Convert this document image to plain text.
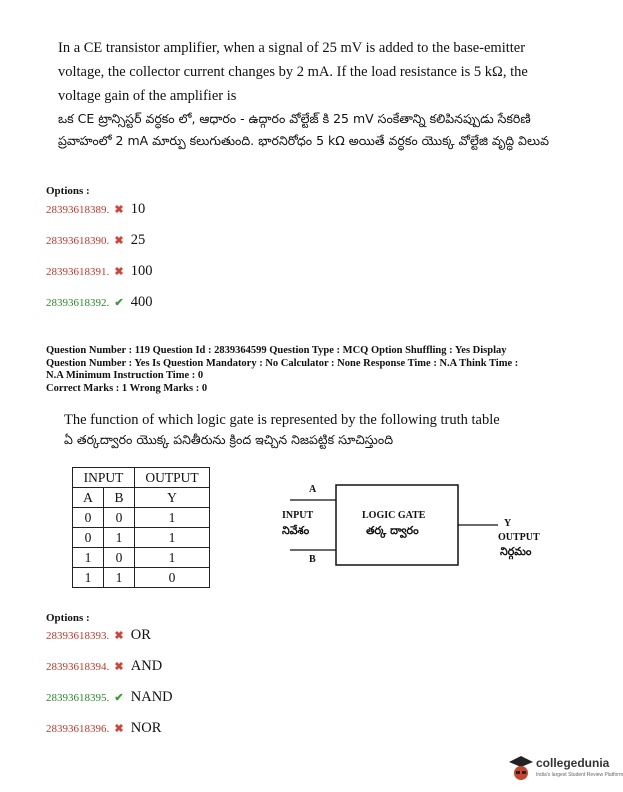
In a CE transistor amplifier, when a signal of 25 mV is added to the base-emitter voltage, the collector current changes by 2 mA. If the load resistance is 5 kΩ, the voltage gain of the amplifier is
ఒక CE ట్రాన్సిస్టర్ వర్ధకం లో, ఆధారం - ఉద్గారం వోల్టేజ్ కి 25 mV సంకేతాన్ని కలిపినప్పుడు సేకరిణి ప్రవాహంలో 2 mA మార్పు కలుగుతుంది. భారనిరోధం 5 kΩ అయితే వర్ధకం యొక్క వోల్టేజి వృద్ధి విలువ
Options :
28393618389. ✖ 10
28393618390. ✖ 25
28393618391. ✖ 100
28393618392. ✔ 400
Question Number : 119 Question Id : 2839364599 Question Type : MCQ Option Shuffling : Yes Display
Question Number : Yes Is Question Mandatory : No Calculator : None Response Time : N.A Think Time :
N.A Minimum Instruction Time : 0
Correct Marks : 1 Wrong Marks : 0
The function of which logic gate is represented by the following truth table
ఏ తర్కద్వారం యొక్క పనితీరును క్రింద ఇచ్చిన నిజపట్టిక సూచిస్తుంది
INPUT		OUTPUT
A	B	Y
0	0	1
0	1	1
1	0	1
1	1	0
A
B
Y
INPUT
నివేశం
LOGIC GATE
తర్క ద్వారం
OUTPUT
నిర్గమం
Options :
28393618393. ✖ OR
28393618394. ✖ AND
28393618395. ✔ NAND
28393618396. ✖ NOR
collegedunia
India's largest Student Review Platform
